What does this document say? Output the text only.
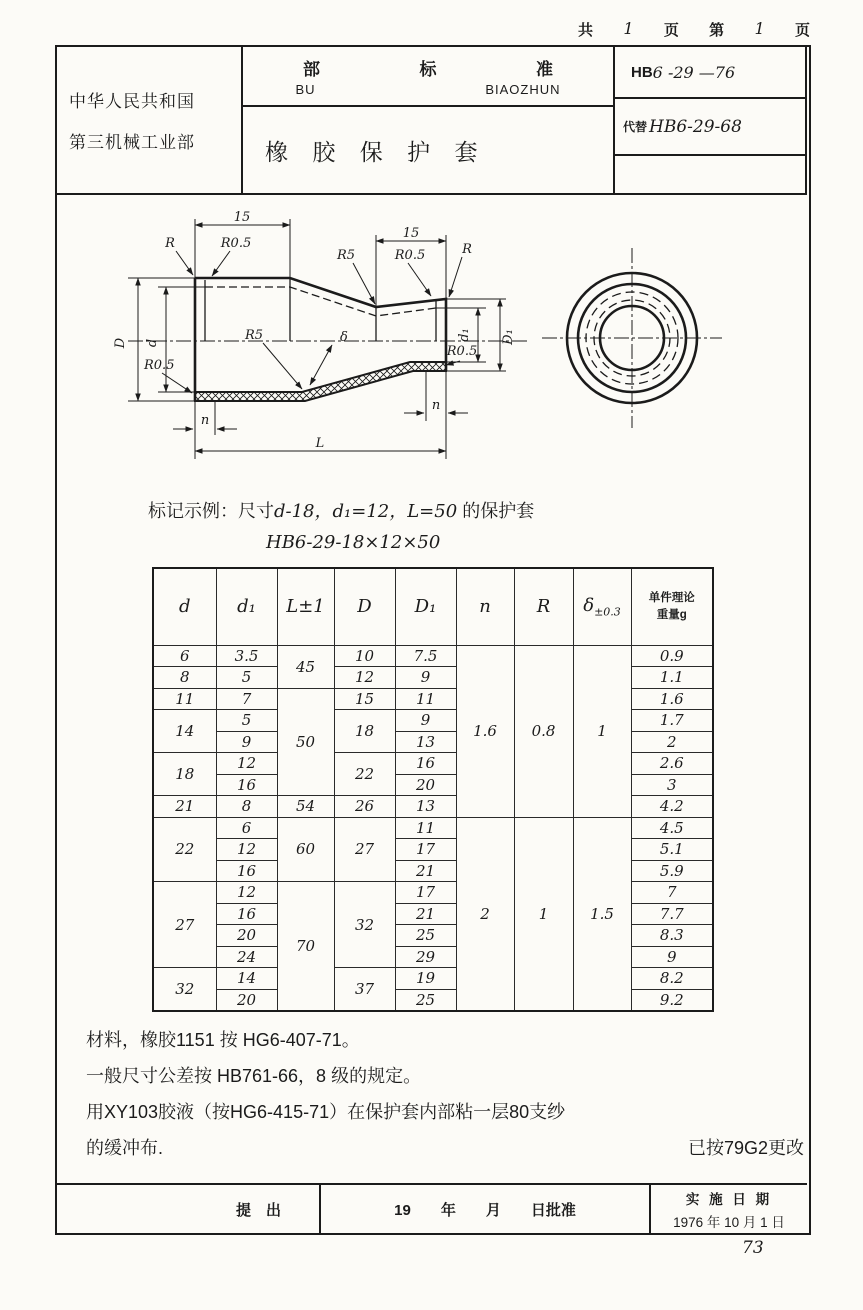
共 1 页 第 1 页
中华人民共和国
第三机械工业部
部	标	准
BU	BIAOZHUN
橡 胶 保 护 套
HB 6 -29 —76
代替 HB6-29-68
15
15
R	R0.5
R5	R0.5	R
R5
R0.5
R0.5
D d
d₁ D₁
δ
n
n
L
标记示例：尺寸d-18，d₁=12，L=50 的保护套
HB6-29-18×12×50
d	d₁	L±1	D	D₁	n	R	$\delta_{\pm 0.3}$	单件理论
重量g
6	3.5	45	10	7.5	1.6	0.8	1	0.9
8	5		12	9				1.1
11	7	50	15	11				1.6
14	5		18	9				1.7
	9			13				2
18	12		22	16				2.6
	16			20				3
21	8	54	26	13				4.2
22	6	60	27	11	2	1	1.5	4.5
	12			17				5.1
	16			21				5.9
27	12	70	32	17				7
	16			21				7.7
	20			25				8.3
	24			29				9
32	14		37	19				8.2
	20			25				9.2
材料，橡胶1151 按 HG6-407-71。
一般尺寸公差按 HB761-66，8 级的规定。
用XY103胶液（按HG6-415-71）在保护套内部粘一层80支纱
的缓冲布.	已按79G2更改
提　出	19　　年　　月　　日批准
实 施 日 期
1976 年 10 月 1 日
73
